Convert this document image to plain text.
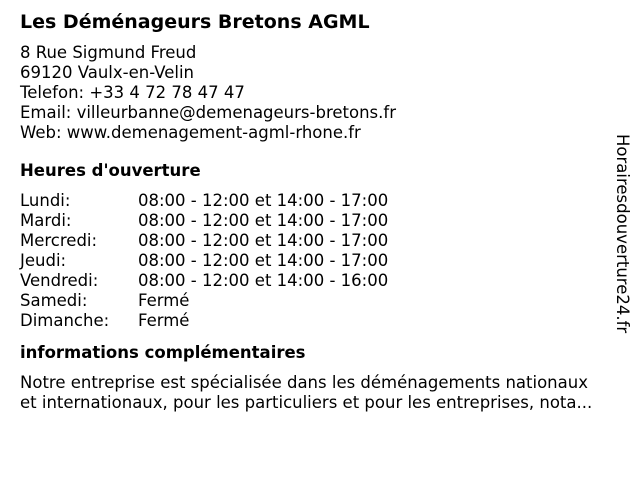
Les Déménageurs Bretons AGML
8 Rue Sigmund Freud
69120 Vaulx-en-Velin
Telefon: +33 4 72 78 47 47
Email: villeurbanne@demenageurs-bretons.fr
Web: www.demenagement-agml-rhone.fr
Heures d'ouverture
Lundi:	08:00 - 12:00 et 14:00 - 17:00
Mardi:	08:00 - 12:00 et 14:00 - 17:00
Mercredi:	08:00 - 12:00 et 14:00 - 17:00
Jeudi:	08:00 - 12:00 et 14:00 - 17:00
Vendredi:	08:00 - 12:00 et 14:00 - 16:00
Samedi:	Fermé
Dimanche:	Fermé
informations complémentaires
Notre entreprise est spécialisée dans les déménagements nationaux
et internationaux, pour les particuliers et pour les entreprises, nota...
Horairesdouverture24.fr
